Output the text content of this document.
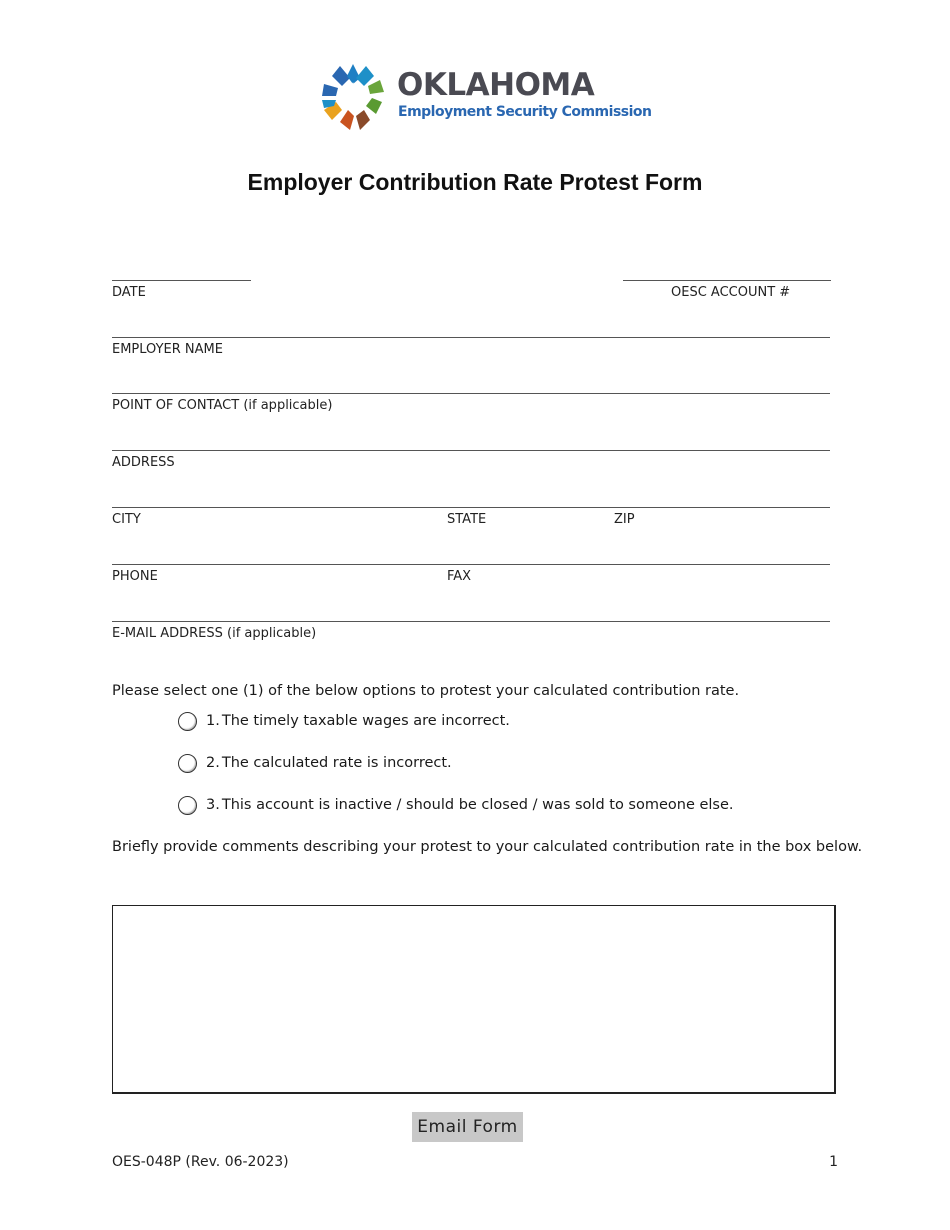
OKLAHOMA
Employment Security Commission
Employer Contribution Rate Protest Form
DATE	OESC ACCOUNT #
EMPLOYER NAME
POINT OF CONTACT (if applicable)
ADDRESS
CITY	STATE	ZIP
PHONE	FAX
E-MAIL ADDRESS (if applicable)
Please select one (1) of the below options to protest your calculated contribution rate.
1. The timely taxable wages are incorrect.
2. The calculated rate is incorrect.
3. This account is inactive / should be closed / was sold to someone else.
Briefly provide comments describing your protest to your calculated contribution rate in the box below.
Email Form
OES-048P (Rev. 06-2023)	1
